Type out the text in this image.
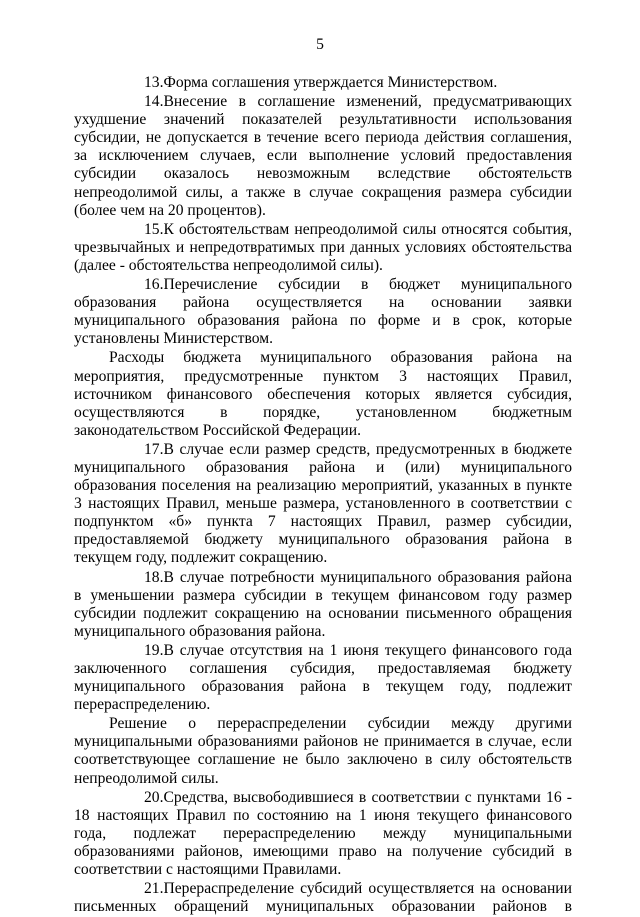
5

13.Форма соглашения утверждается Министерством.

14.Внесение в соглашение изменений, предусматривающих ухудшение значений показателей результативности использования субсидии, не допускается в течение всего периода действия соглашения, за исключением случаев, если выполнение условий предоставления субсидии оказалось невозможным вследствие обстоятельств непреодолимой силы, а также в случае сокращения размера субсидии (более чем на 20 процентов).

15.К обстоятельствам непреодолимой силы относятся события, чрезвычайных и непредотвратимых при данных условиях обстоятельства (далее - обстоятельства непреодолимой силы).

16.Перечисление субсидии в бюджет муниципального образования района осуществляется на основании заявки муниципального образования района по форме и в срок, которые установлены Министерством.

Расходы бюджета муниципального образования района на мероприятия, предусмотренные пунктом 3 настоящих Правил, источником финансового обеспечения которых является субсидия, осуществляются в порядке, установленном бюджетным законодательством Российской Федерации.

17.В случае если размер средств, предусмотренных в бюджете муниципального образования района и (или) муниципального образования поселения на реализацию мероприятий, указанных в пункте 3 настоящих Правил, меньше размера, установленного в соответствии с подпунктом «б» пункта 7 настоящих Правил, размер субсидии, предоставляемой бюджету муниципального образования района в текущем году, подлежит сокращению.

18.В случае потребности муниципального образования района в уменьшении размера субсидии в текущем финансовом году размер субсидии подлежит сокращению на основании письменного обращения муниципального образования района.

19.В случае отсутствия на 1 июня текущего финансового года заключенного соглашения субсидия, предоставляемая бюджету муниципального образования района в текущем году, подлежит перераспределению.

Решение о перераспределении субсидии между другими муниципальными образованиями районов не принимается в случае, если соответствующее соглашение не было заключено в силу обстоятельств непреодолимой силы.

20.Средства, высвободившиеся в соответствии с пунктами 16 - 18 настоящих Правил по состоянию на 1 июня текущего финансового года, подлежат перераспределению между муниципальными образованиями районов, имеющими право на получение субсидий в соответствии с настоящими Правилами.

21.Перераспределение субсидий осуществляется на основании письменных обращений муниципальных образовании районов в
